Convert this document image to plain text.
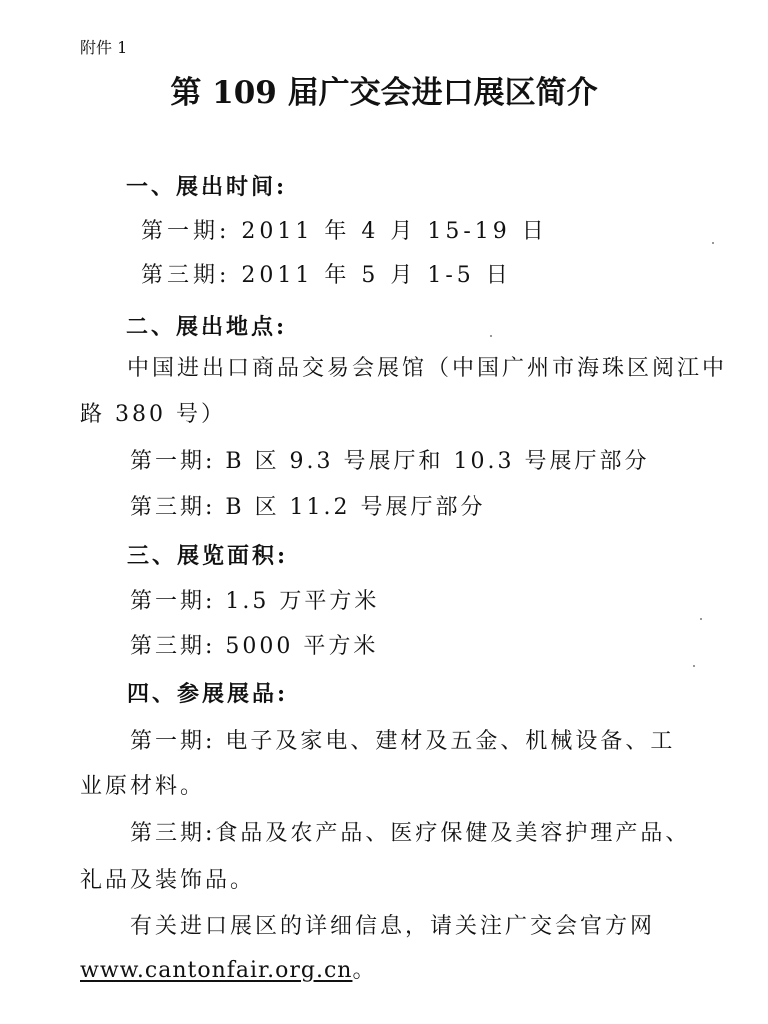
附件 1
第 109 届广交会进口展区简介
一、展出时间:
第一期: 2011 年 4 月 15-19 日
第三期: 2011 年 5 月 1-5 日
二、展出地点:
中国进出口商品交易会展馆（中国广州市海珠区阅江中
路 380 号）
第一期: B 区 9.3 号展厅和 10.3 号展厅部分
第三期: B 区 11.2 号展厅部分
三、展览面积:
第一期: 1.5 万平方米
第三期: 5000 平方米
四、参展展品:
第一期: 电子及家电、建材及五金、机械设备、工
业原材料。
第三期:食品及农产品、医疗保健及美容护理产品、
礼品及装饰品。
有关进口展区的详细信息，请关注广交会官方网
www.cantonfair.org.cn。
